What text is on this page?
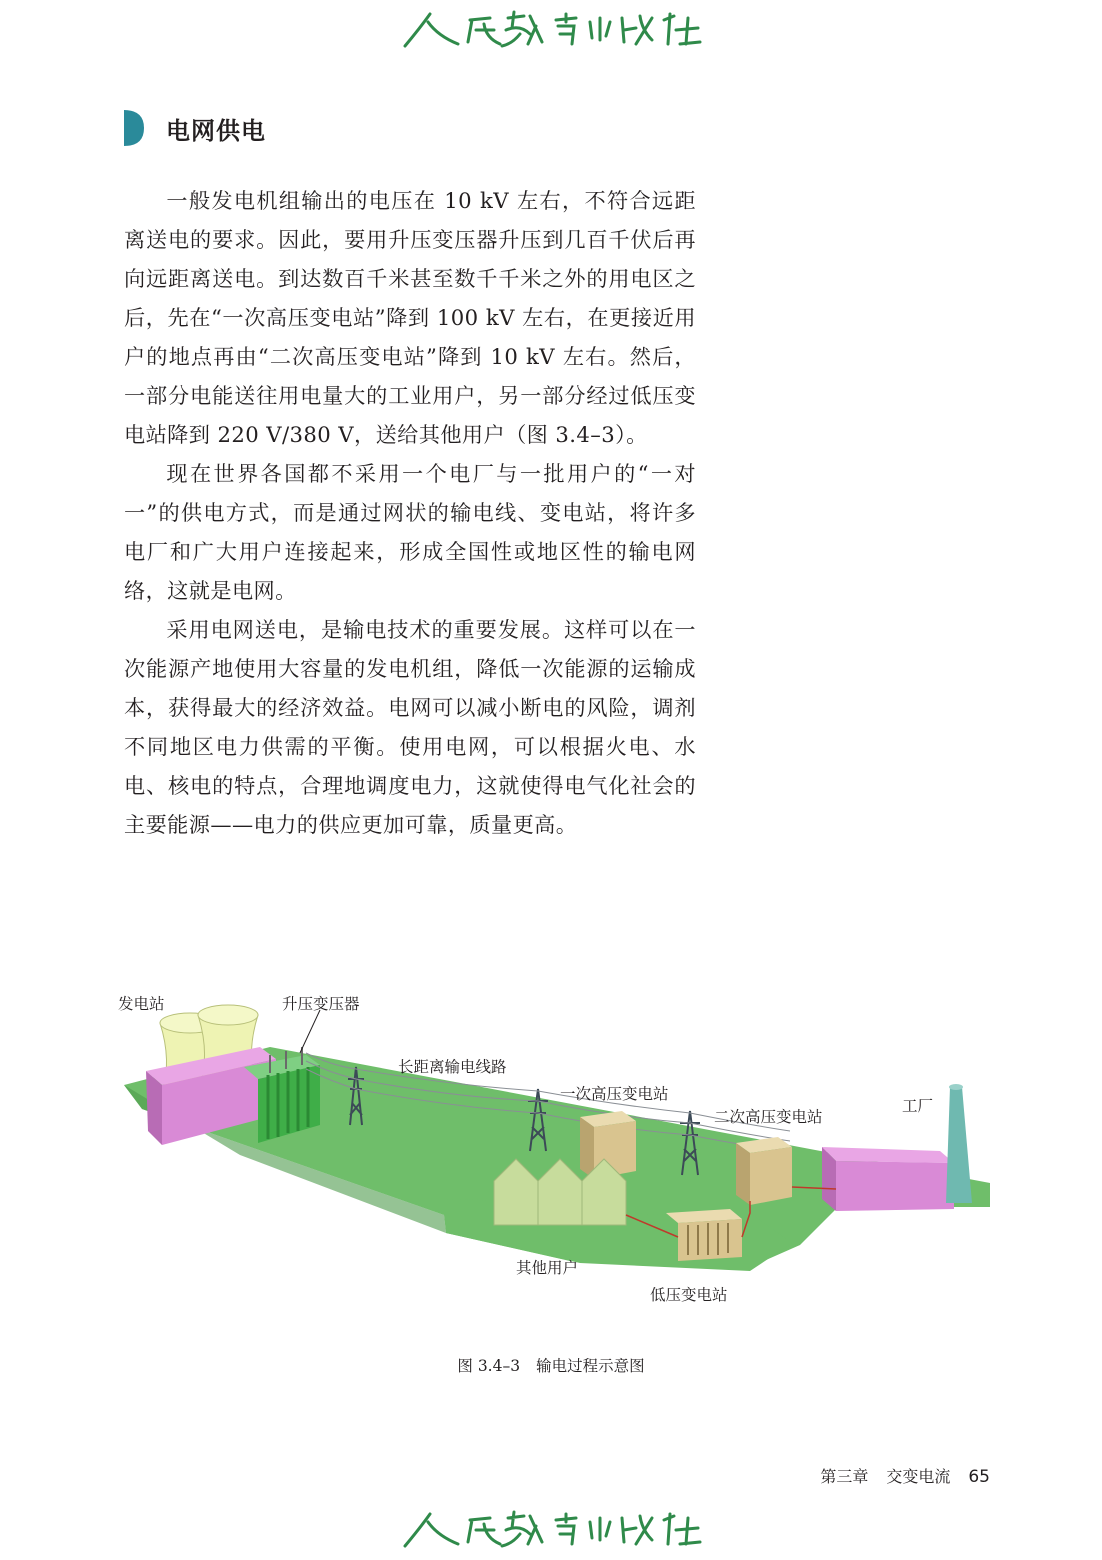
电网供电

一般发电机组输出的电压在 10 kV 左右，不符合远距离送电的要求。因此，要用升压变压器升压到几百千伏后再向远距离送电。到达数百千米甚至数千千米之外的用电区之后，先在“一次高压变电站”降到 100 kV 左右，在更接近用户的地点再由“二次高压变电站”降到 10 kV 左右。然后，一部分电能送往用电量大的工业用户，另一部分经过低压变电站降到 220 V/380 V，送给其他用户（图 3.4–3）。

现在世界各国都不采用一个电厂与一批用户的“一对一”的供电方式，而是通过网状的输电线、变电站，将许多电厂和广大用户连接起来，形成全国性或地区性的输电网络，这就是电网。

采用电网送电，是输电技术的重要发展。这样可以在一次能源产地使用大容量的发电机组，降低一次能源的运输成本，获得最大的经济效益。电网可以减小断电的风险，调剂不同地区电力供需的平衡。使用电网，可以根据火电、水电、核电的特点，合理地调度电力，这就使得电气化社会的主要能源——电力的供应更加可靠，质量更高。

发电站	升压变压器
长距离输电线路
一次高压变电站
二次高压变电站
工厂
其他用户
低压变电站
图 3.4–3 输电过程示意图
第三章 交变电流 65
